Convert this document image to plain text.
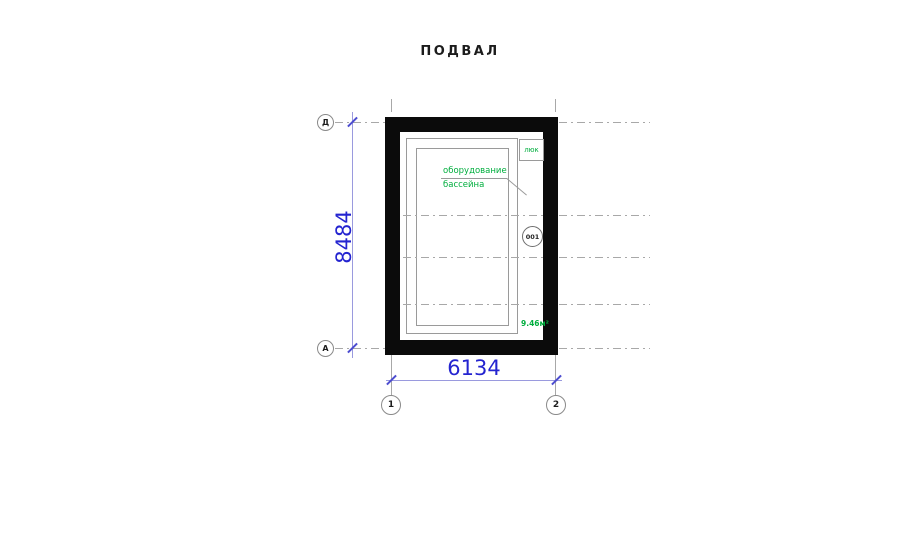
ПОДВАЛ
8484
6134
Д
А
1	2
оборудование
бассейна
люк
001
9.46м²
